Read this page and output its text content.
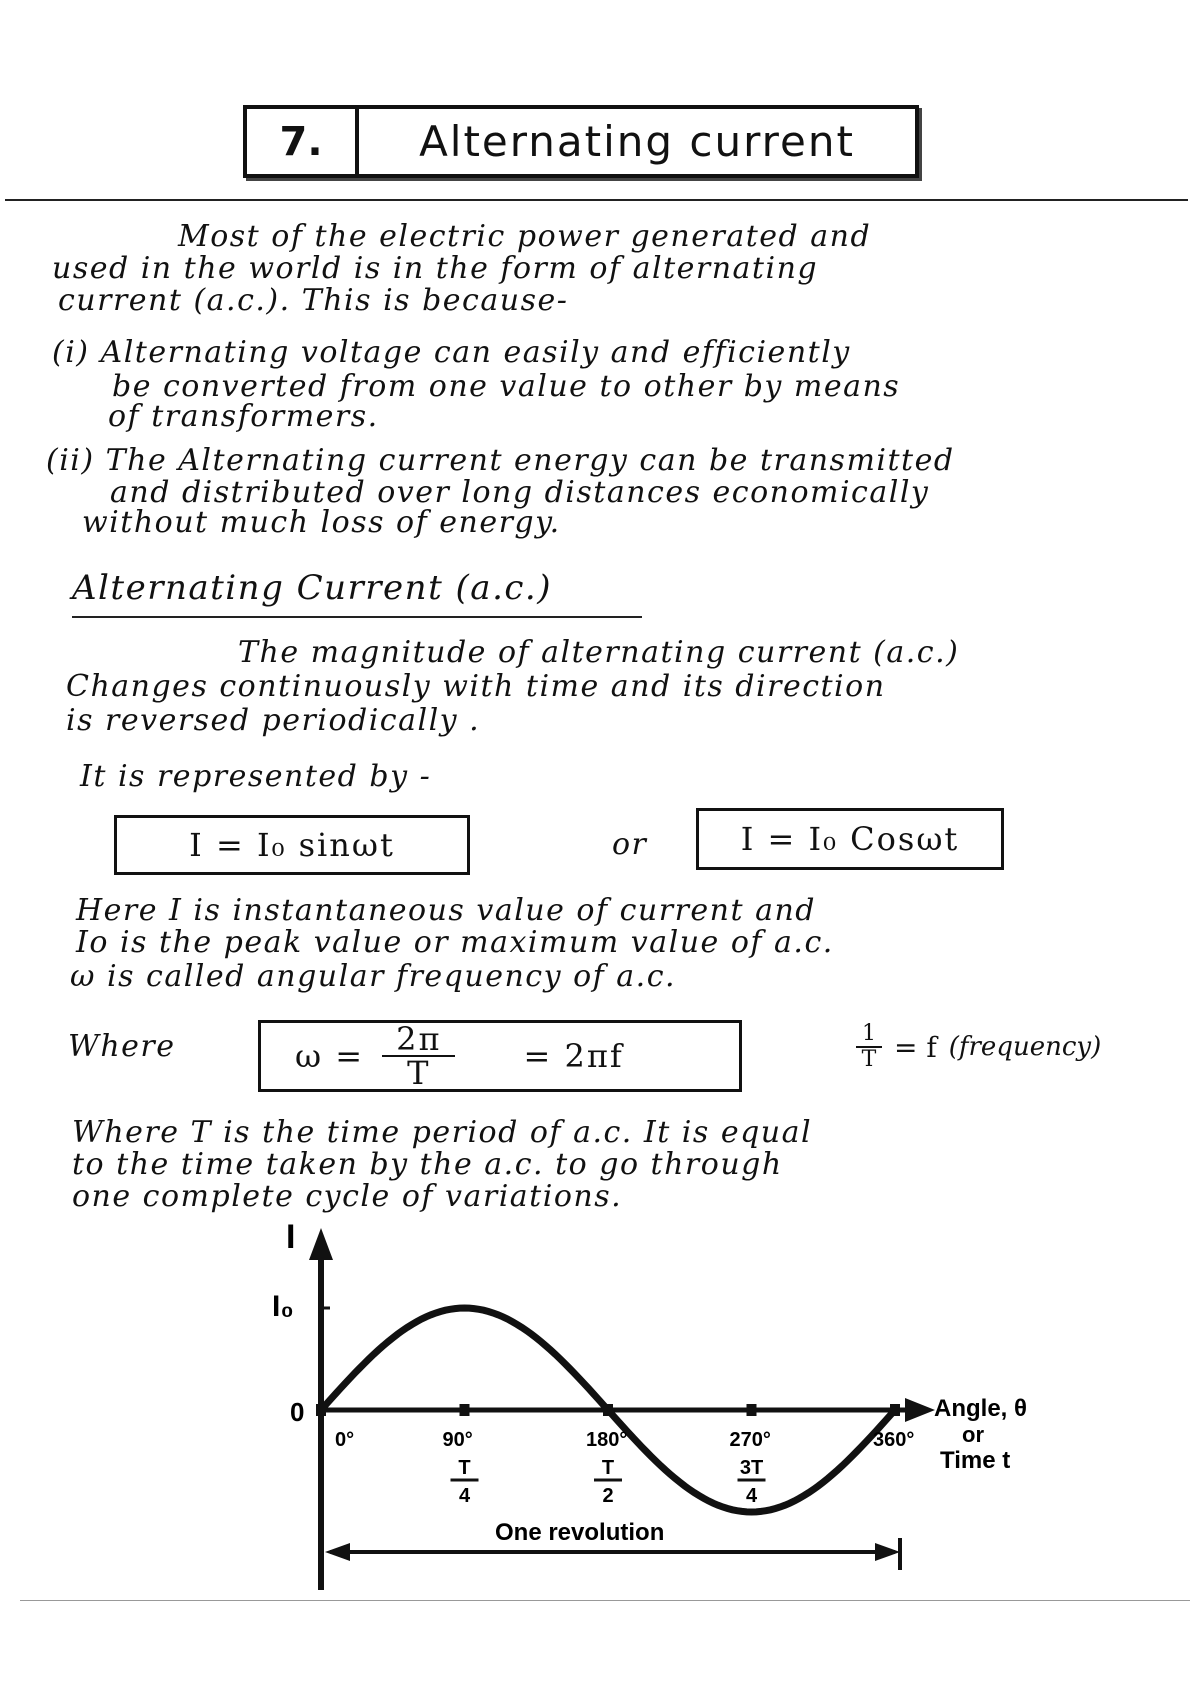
7.	Alternating current
Most of the electric power generated and
used in the world is in the form of alternating
current (a.c.). This is because-
(i) Alternating voltage can easily and efficiently
be converted from one value to other by means
of transformers.
(ii) The Alternating current energy can be transmitted
and distributed over long distances economically
without much loss of energy.
Alternating Current (a.c.)
The magnitude of alternating current (a.c.)
Changes continuously with time and its direction
is reversed periodically .
It is represented by -
I = I₀ sinωt	or	I = I₀ Cosωt
Here I is instantaneous value of current and
Io is the peak value or maximum value of a.c.
ω is called angular frequency of a.c.
Where	$\omega = \frac{2\pi}{T} = 2\pi f$	$\frac{1}{T} = f$ (frequency)
Where T is the time period of a.c. It is equal
to the time taken by the a.c. to go through
one complete cycle of variations.
I
I₀
0	Angle, θ
or
Time t
One revolution
0°	90°
T
4
180°
T
2
270°
3T
4
360°
